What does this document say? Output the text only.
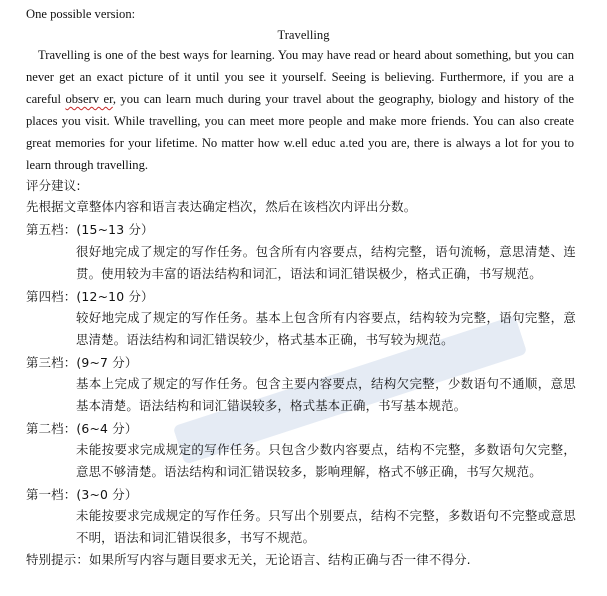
One possible version:
Travelling
Travelling is one of the best ways for learning. You may have read or heard about something, but you can
never get an exact picture of it until you see it yourself. Seeing is believing. Furthermore, if you are a
careful observ er, you can learn much during your travel about the geography, biology and history of the
places you visit. While travelling, you can meet more people and make more friends. You can also create
great memories for your lifetime. No matter how w.ell educ a.ted you are, there is always a lot for you to
learn through travelling.
评分建议:
先根据文章整体内容和语言表达确定档次，然后在该档次内评出分数。
第五档：(15~13 分）
很好地完成了规定的写作任务。包含所有内容要点，结构完整，语句流畅，意思清楚、连
贯。使用较为丰富的语法结构和词汇，语法和词汇错误极少，格式正确，书写规范。
第四档：(12~10 分）
较好地完成了规定的写作任务。基本上包含所有内容要点，结构较为完整，语句完整，意
思清楚。语法结构和词汇错误较少，格式基本正确，书写较为规范。
第三档：(9~7 分）
基本上完成了规定的写作任务。包含主要内容要点，结构欠完整，少数语句不通顺，意思
基本清楚。语法结构和词汇错误较多，格式基本正确，书写基本规范。
第二档：(6~4 分）
未能按要求完成规定的写作任务。只包含少数内容要点，结构不完整，多数语句欠完整，
意思不够清楚。语法结构和词汇错误较多，影响理解，格式不够正确，书写欠规范。
第一档：(3~0 分）
未能按要求完成规定的写作任务。只写出个别要点，结构不完整，多数语句不完整或意思
不明，语法和词汇错误很多，书写不规范。
特别提示：如果所写内容与题目要求无关，无论语言、结构正确与否一律不得分.
